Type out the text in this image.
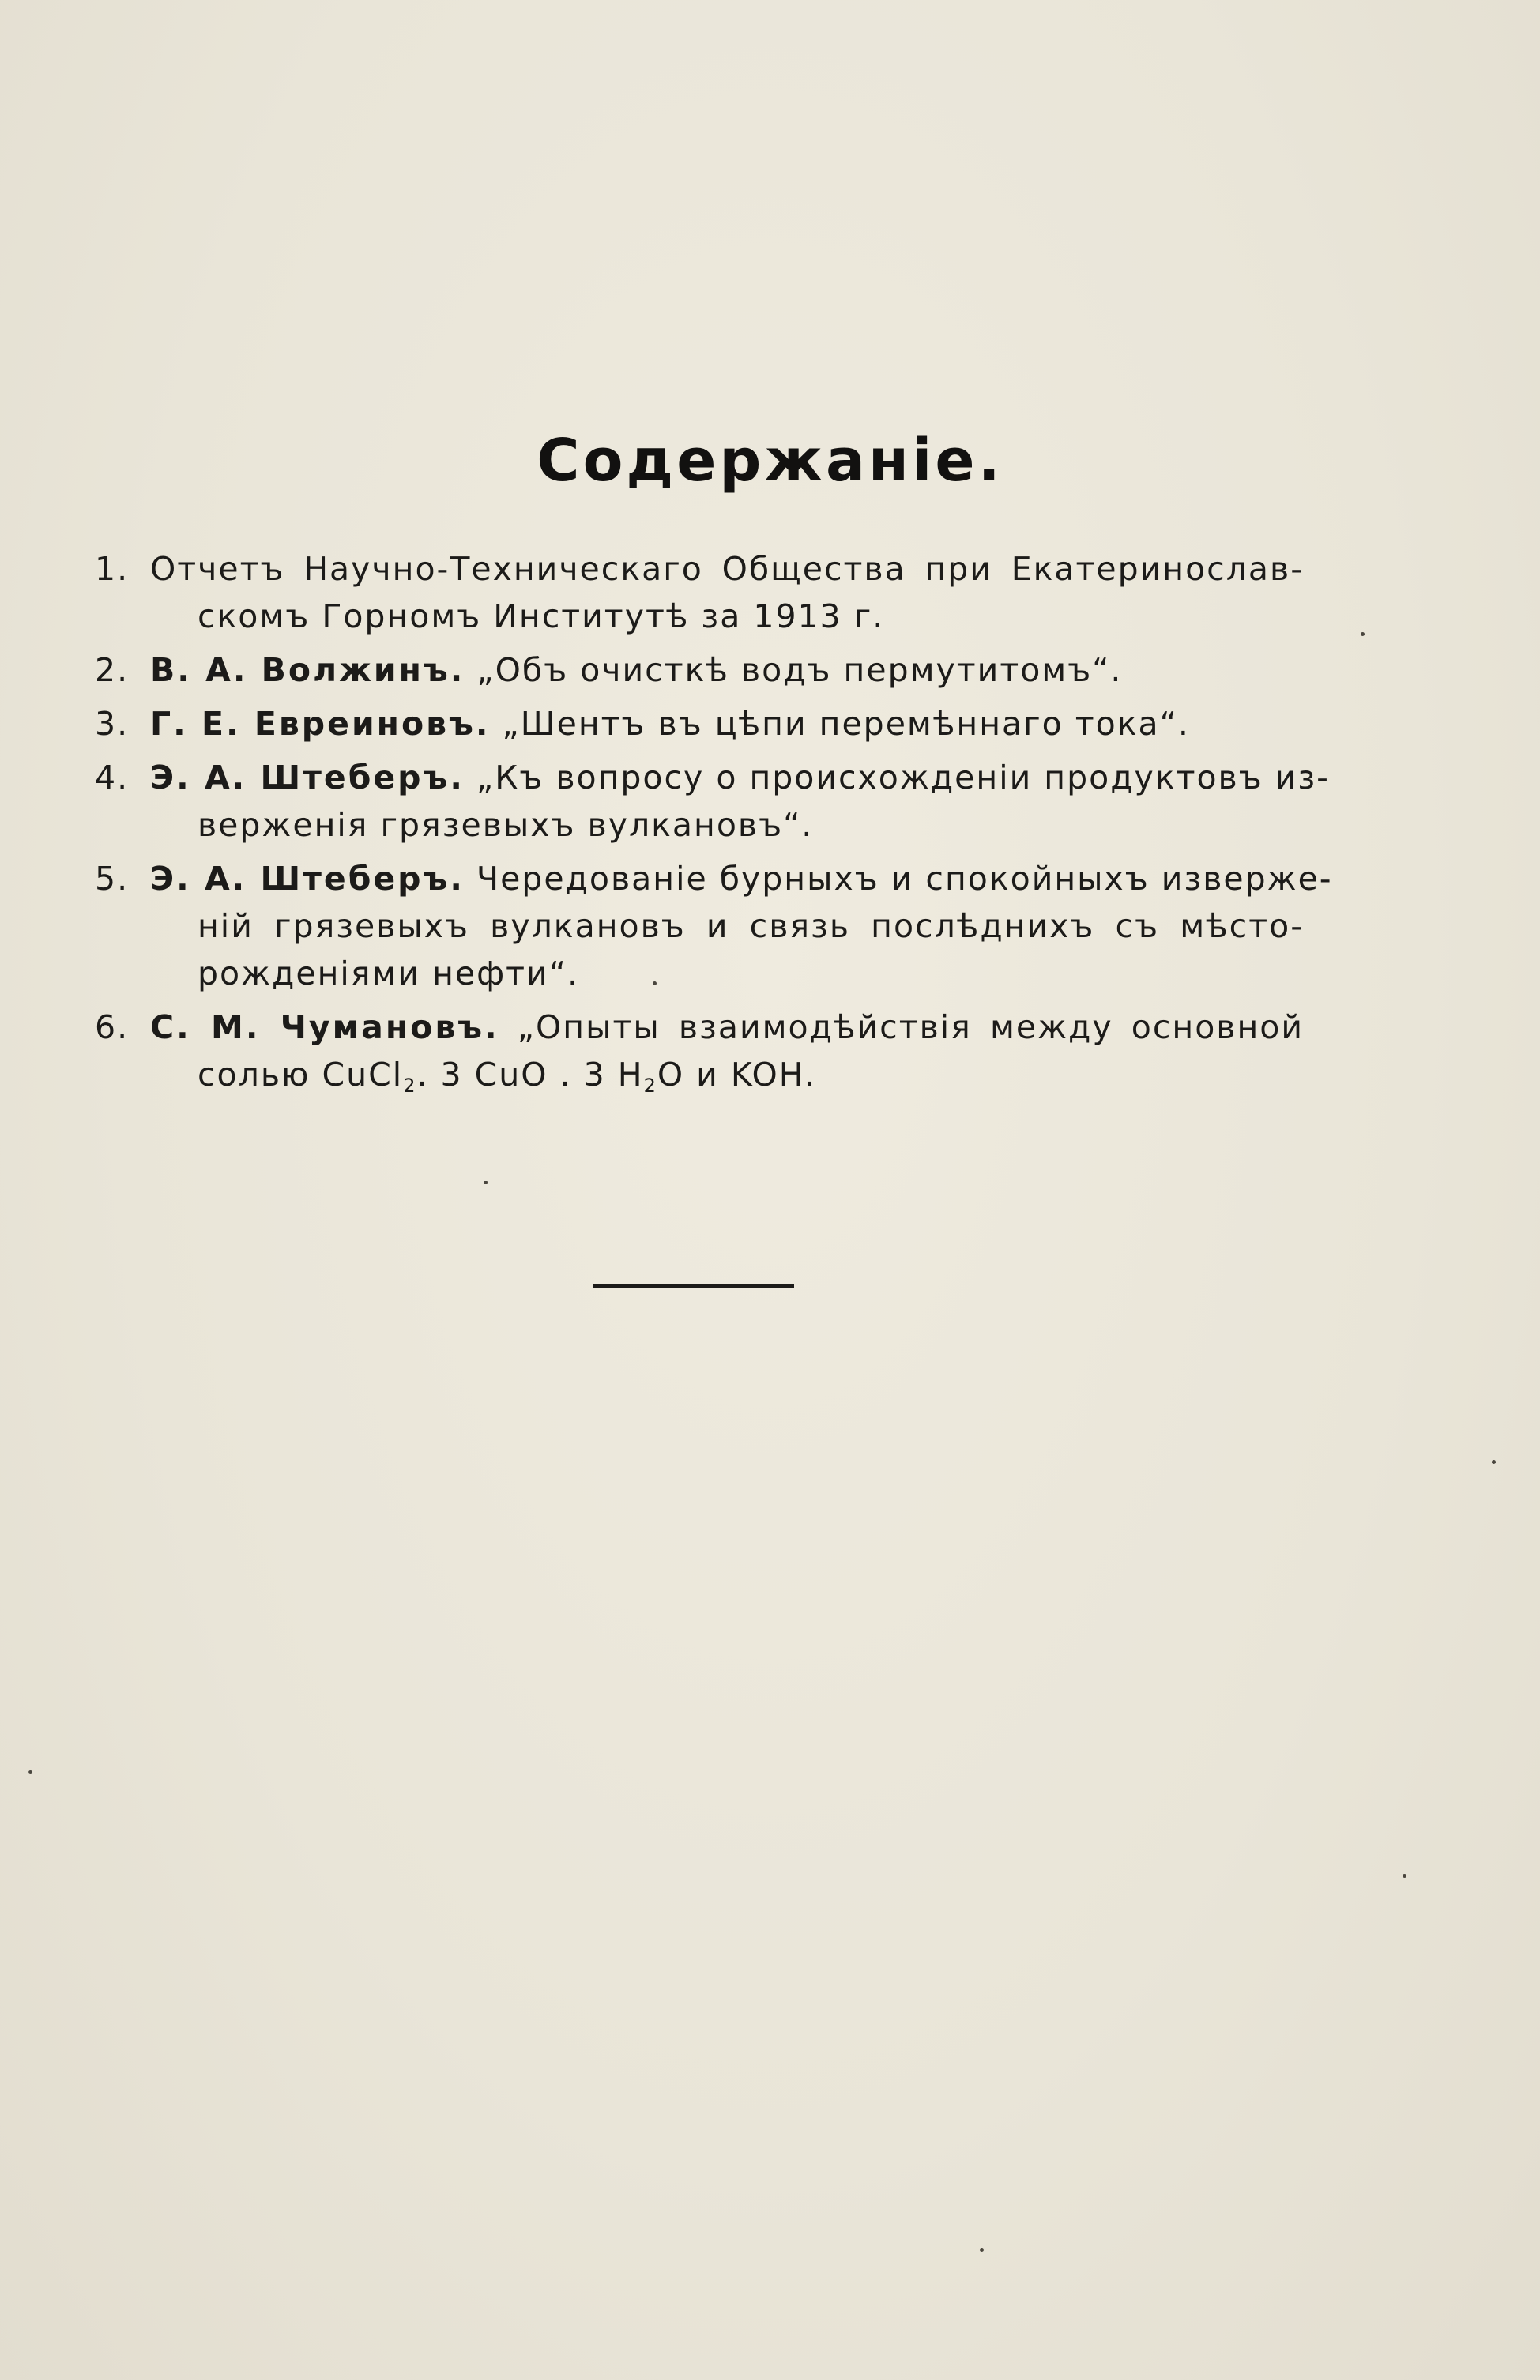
Содержаніе.
1. Отчетъ Научно-Техническаго Общества при Екатеринослав-
скомъ Горномъ Институтѣ за 1913 г.
2. В. А. Волжинъ. „Объ очисткѣ водъ пермутитомъ“.
3. Г. Е. Евреиновъ. „Шентъ въ цѣпи перемѣннаго тока“.
4. Э. А. Штеберъ. „Къ вопросу о происхожденіи продуктовъ из-
верженія грязевыхъ вулкановъ“.
5. Э. А. Штеберъ. Чередованіе бурныхъ и спокойныхъ изверже-
ній грязевыхъ вулкановъ и связь послѣднихъ съ мѣсто-
рожденіями нефти“.
6. С. М. Чумановъ. „Опыты взаимодѣйствія между основной
солью CuCl$_2$. 3 CuO . 3 $H_2O$ и KOH.
